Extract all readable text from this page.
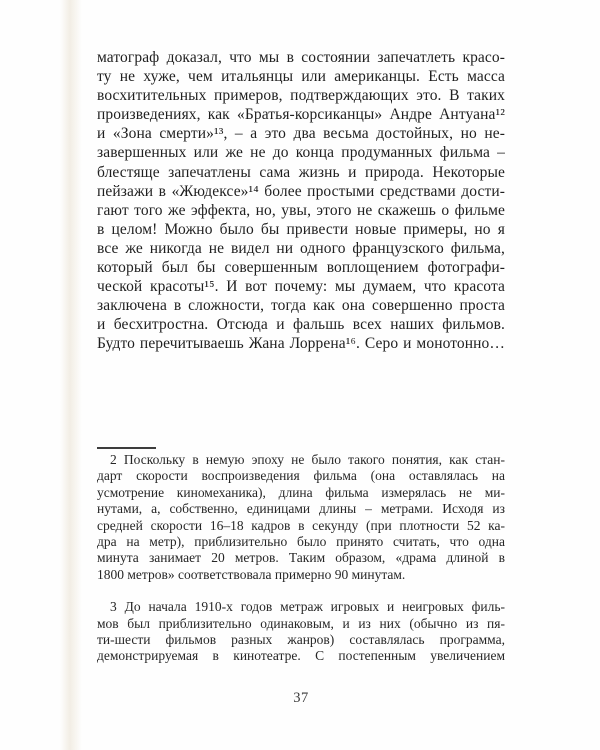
матограф доказал, что мы в состоянии запечатлеть красо-
ту не хуже, чем итальянцы или американцы. Есть масса
восхитительных примеров, подтверждающих это. В таких
произведениях, как «Братья-корсиканцы» Андре Антуана¹²
и «Зона смерти»¹³, – а это два весьма достойных, но не-
завершенных или же не до конца продуманных фильма –
блестяще запечатлены сама жизнь и природа. Некоторые
пейзажи в «Жюдексе»¹⁴ более простыми средствами дости-
гают того же эффекта, но, увы, этого не скажешь о фильме
в целом! Можно было бы привести новые примеры, но я
все же никогда не видел ни одного французского фильма,
который был бы совершенным воплощением фотографи-
ческой красоты¹⁵. И вот почему: мы думаем, что красота
заключена в сложности, тогда как она совершенно проста
и бесхитростна. Отсюда и фальшь всех наших фильмов.
Будто перечитываешь Жана Лоррена¹⁶. Серо и монотонно…
2 Поскольку в немую эпоху не было такого понятия, как стан-
дарт скорости воспроизведения фильма (она оставлялась на
усмотрение киномеханика), длина фильма измерялась не ми-
нутами, а, собственно, единицами длины – метрами. Исходя из
средней скорости 16–18 кадров в секунду (при плотности 52 ка-
дра на метр), приблизительно было принято считать, что одна
минута занимает 20 метров. Таким образом, «драма длиной в
1800 метров» соответствовала примерно 90 минутам.
3 До начала 1910-х годов метраж игровых и неигровых филь-
мов был приблизительно одинаковым, и из них (обычно из пя-
ти-шести фильмов разных жанров) составлялась программа,
демонстрируемая в кинотеатре. С постепенным увеличением
37
